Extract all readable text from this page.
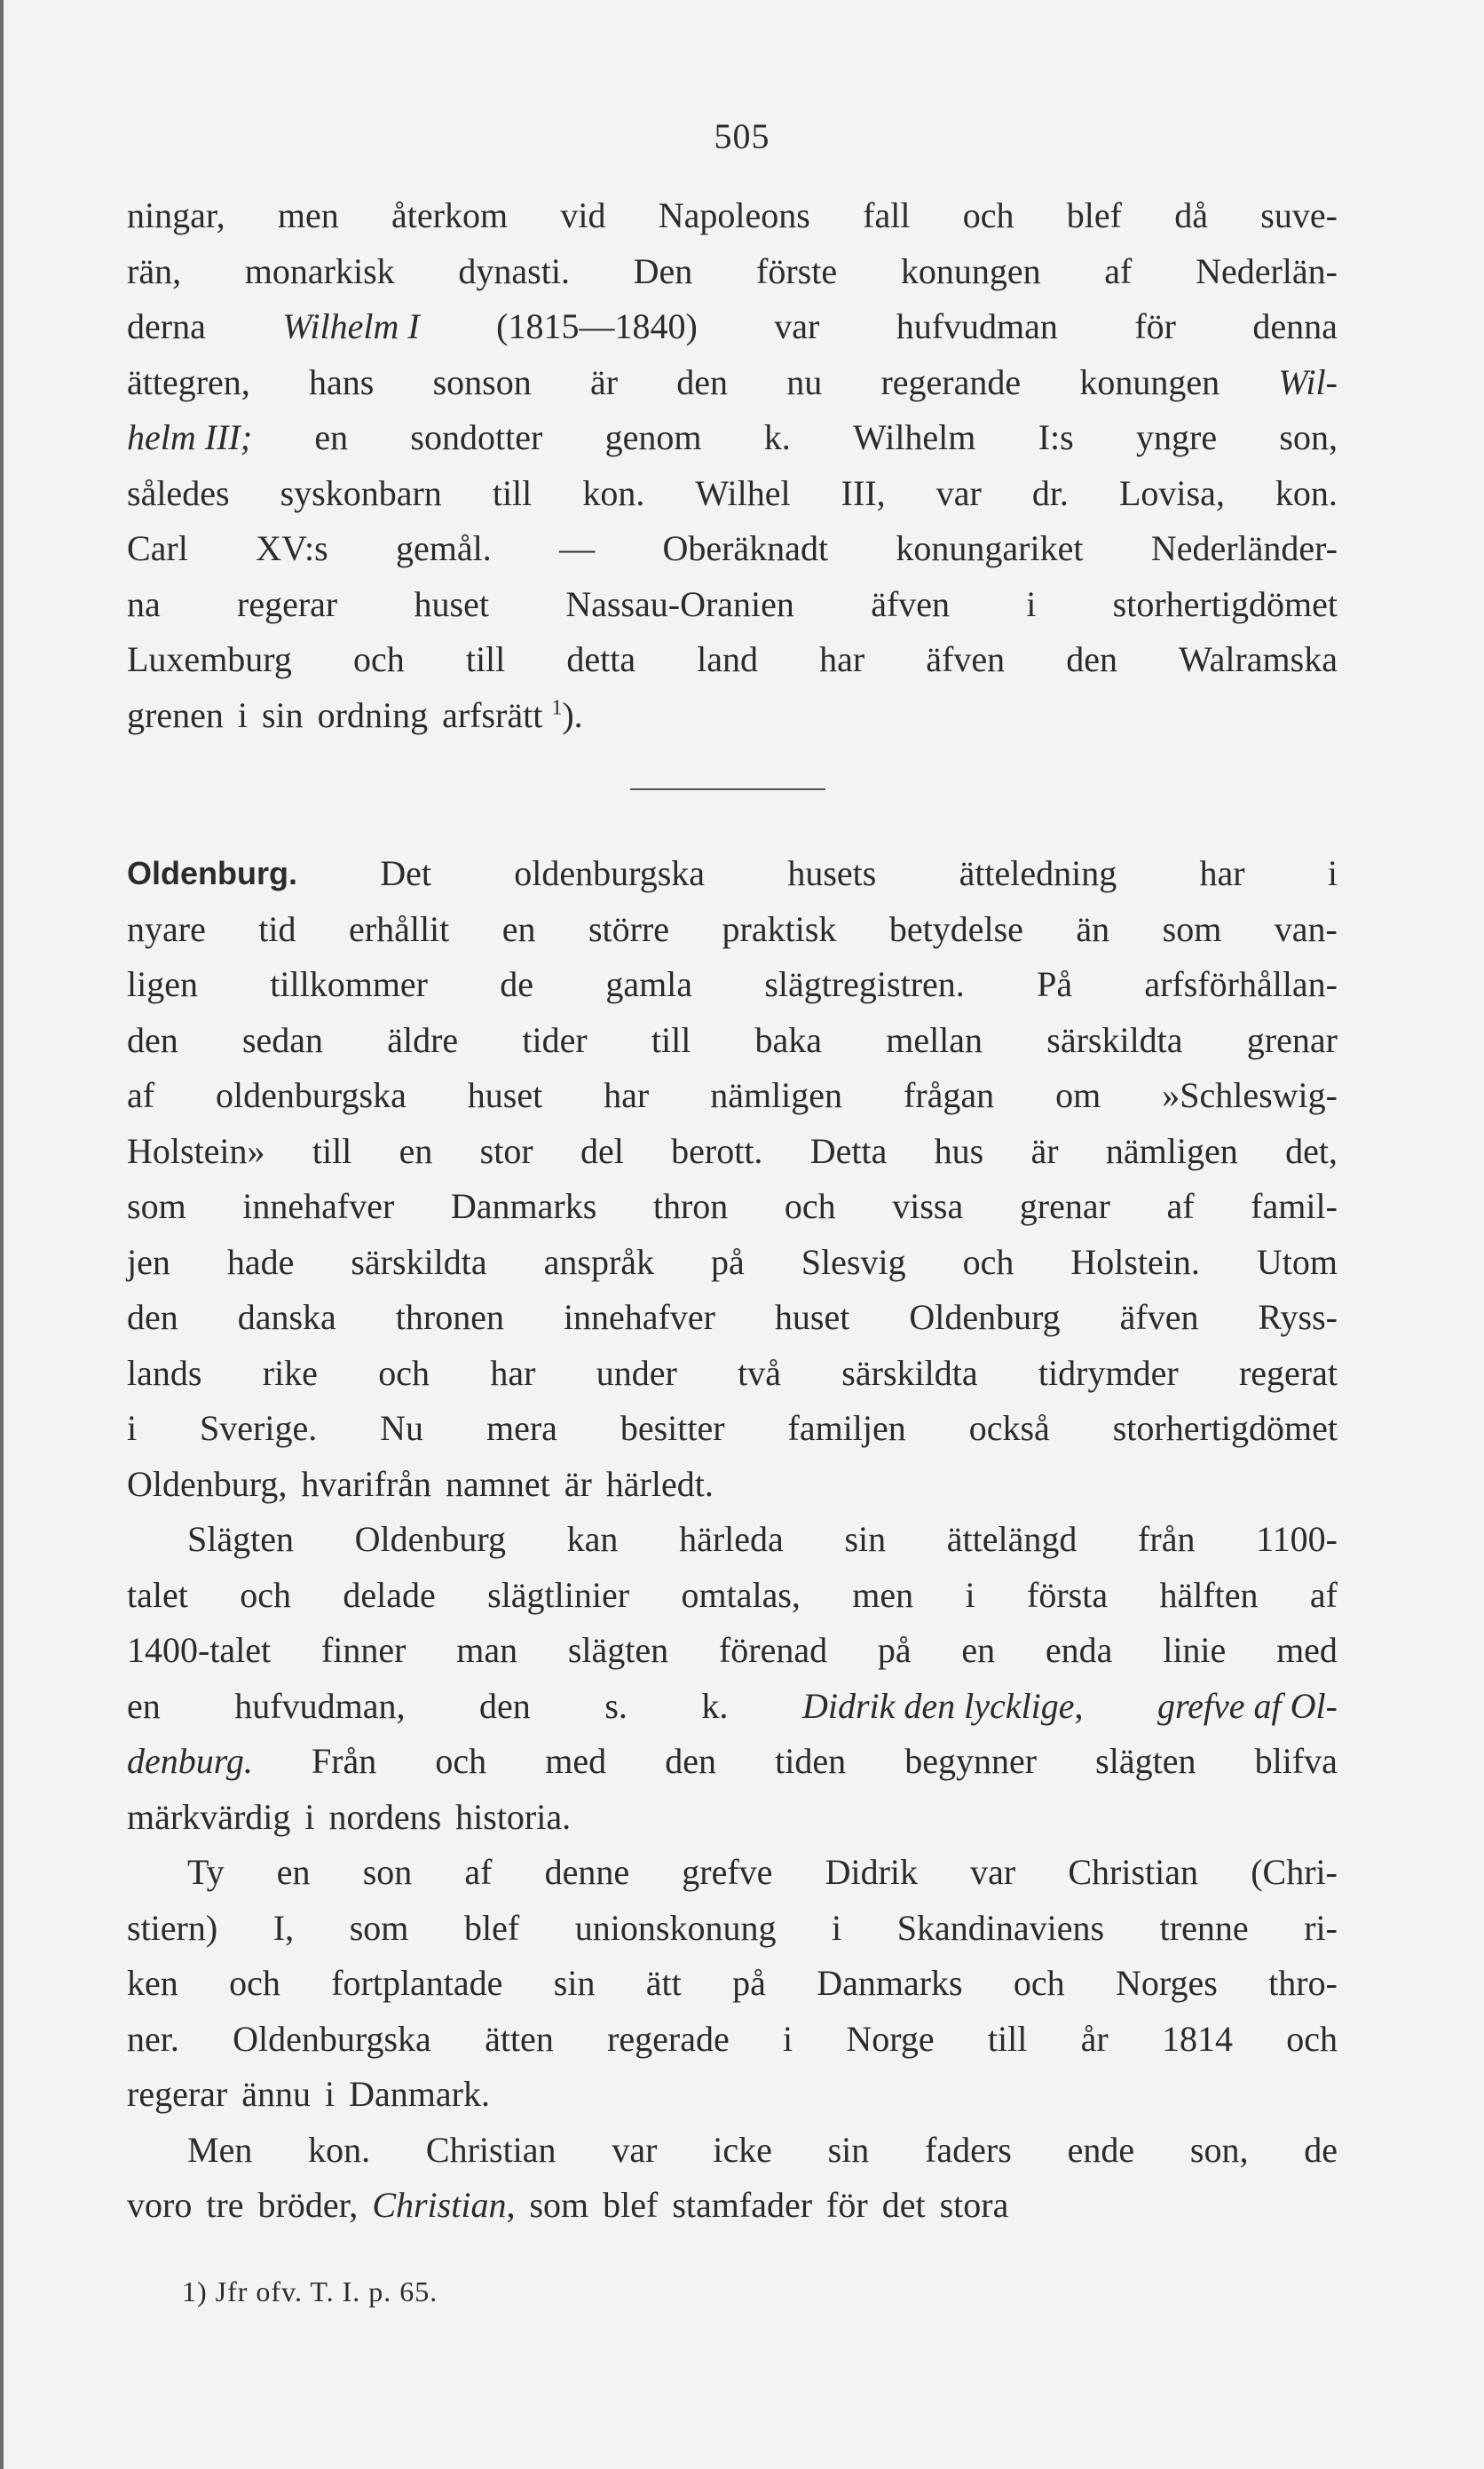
505
ningar, men återkom vid Napoleons fall och blef då suve-
rän, monarkisk dynasti. Den förste konungen af Nederlän-
derna Wilhelm I (1815—1840) var hufvudman för denna
ättegren, hans sonson är den nu regerande konungen Wil-
helm III; en sondotter genom k. Wilhelm I:s yngre son,
således syskonbarn till kon. Wilhel III, var dr. Lovisa, kon.
Carl XV:s gemål. — Oberäknadt konungariket Nederländer-
na regerar huset Nassau-Oranien äfven i storhertigdömet
Luxemburg och till detta land har äfven den Walramska
grenen i sin ordning arfsrätt $^1$).
Oldenburg. Det oldenburgska husets ätteledning har i
nyare tid erhållit en större praktisk betydelse än som van-
ligen tillkommer de gamla slägtregistren. På arfsförhållan-
den sedan äldre tider till baka mellan särskildta grenar
af oldenburgska huset har nämligen frågan om »Schleswig-
Holstein» till en stor del berott. Detta hus är nämligen det,
som innehafver Danmarks thron och vissa grenar af famil-
jen hade särskildta anspråk på Slesvig och Holstein. Utom
den danska thronen innehafver huset Oldenburg äfven Ryss-
lands rike och har under två särskildta tidrymder regerat
i Sverige. Nu mera besitter familjen också storhertigdömet
Oldenburg, hvarifrån namnet är härledt.
Slägten Oldenburg kan härleda sin ättelängd från 1100-
talet och delade slägtlinier omtalas, men i första hälften af
1400-talet finner man slägten förenad på en enda linie med
en hufvudman, den s. k. Didrik den lycklige, grefve af Ol-
denburg. Från och med den tiden begynner slägten blifva
märkvärdig i nordens historia.
Ty en son af denne grefve Didrik var Christian (Chri-
stiern) I, som blef unionskonung i Skandinaviens trenne ri-
ken och fortplantade sin ätt på Danmarks och Norges thro-
ner. Oldenburgska ätten regerade i Norge till år 1814 och
regerar ännu i Danmark.
Men kon. Christian var icke sin faders ende son, de
voro tre bröder, Christian, som blef stamfader för det stora
1) Jfr ofv. T. I. p. 65.
